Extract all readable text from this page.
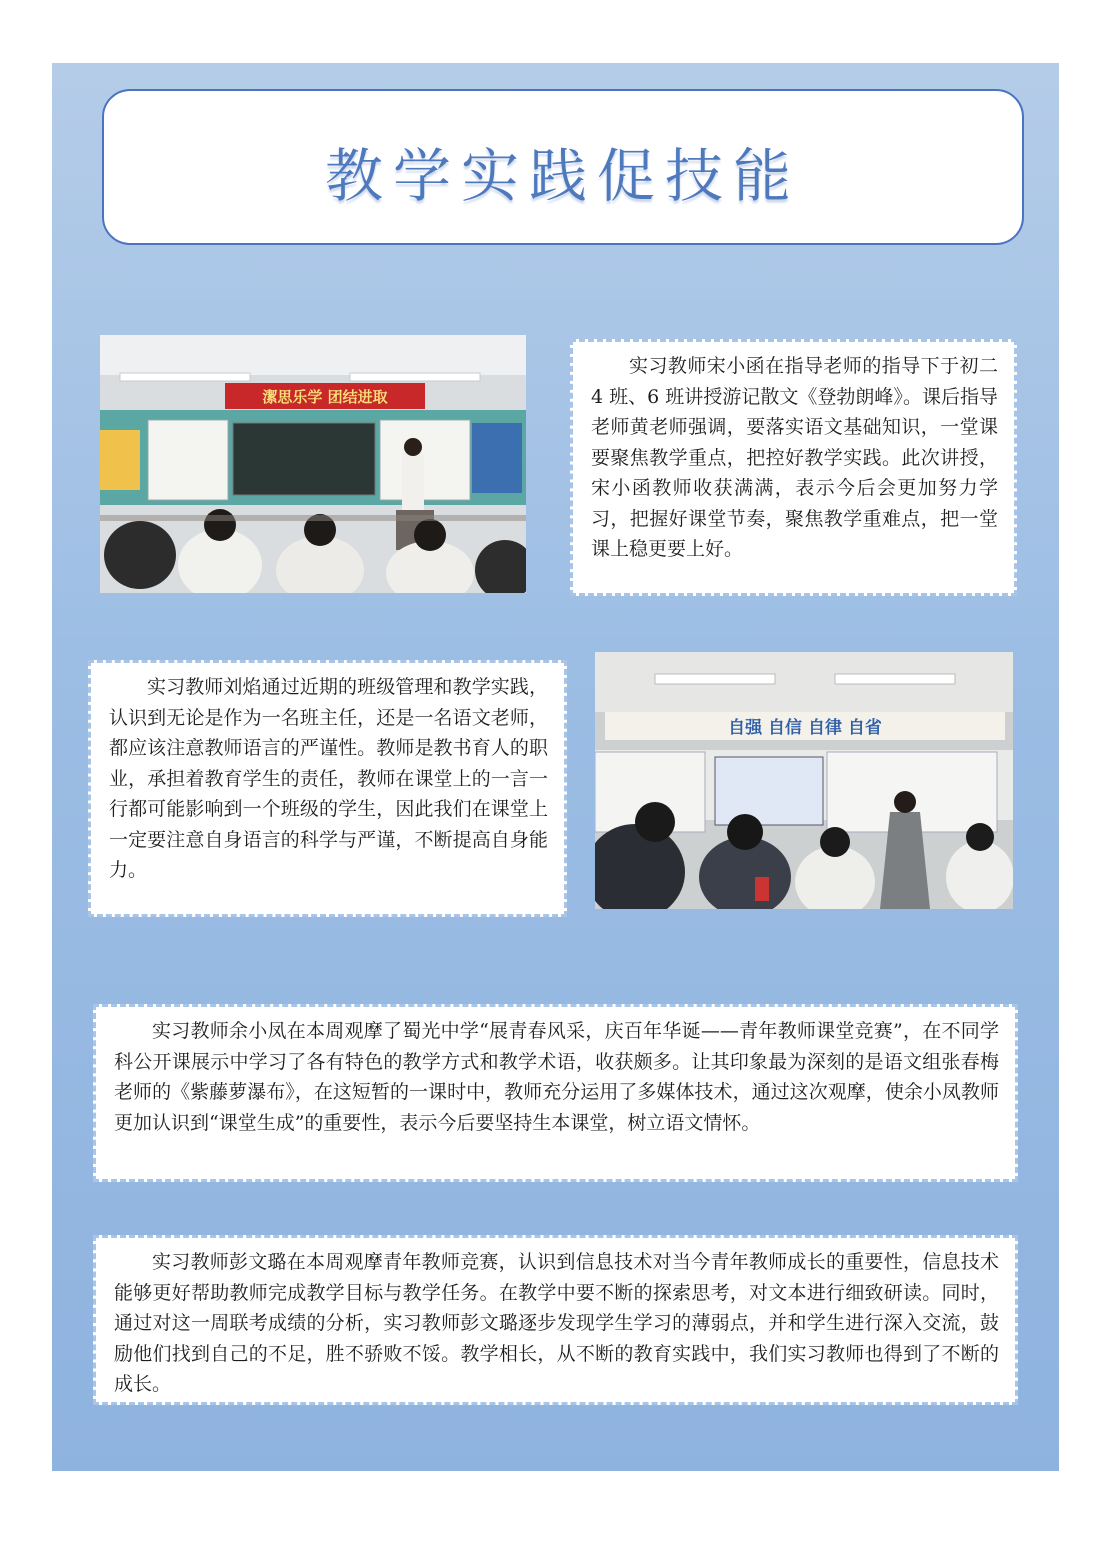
教学实践促技能
潔思乐学 团结进取

实习教师宋小函在指导老师的指导下于初二 4 班、6 班讲授游记散文《登勃朗峰》。课后指导老师黄老师强调，要落实语文基础知识，一堂课要聚焦教学重点，把控好教学实践。此次讲授，宋小函教师收获满满，表示今后会更加努力学习，把握好课堂节奏，聚焦教学重难点，把一堂课上稳更要上好。

实习教师刘焰通过近期的班级管理和教学实践，认识到无论是作为一名班主任，还是一名语文老师，都应该注意教师语言的严谨性。教师是教书育人的职业，承担着教育学生的责任，教师在课堂上的一言一行都可能影响到一个班级的学生，因此我们在课堂上一定要注意自身语言的科学与严谨，不断提高自身能力。

自强 自信 自律 自省

实习教师余小凤在本周观摩了蜀光中学“展青春风采，庆百年华诞——青年教师课堂竞赛”，在不同学科公开课展示中学习了各有特色的教学方式和教学术语，收获颇多。让其印象最为深刻的是语文组张春梅老师的《紫藤萝瀑布》，在这短暂的一课时中，教师充分运用了多媒体技术，通过这次观摩，使余小凤教师更加认识到“课堂生成”的重要性，表示今后要坚持生本课堂，树立语文情怀。

实习教师彭文璐在本周观摩青年教师竞赛，认识到信息技术对当今青年教师成长的重要性，信息技术能够更好帮助教师完成教学目标与教学任务。在教学中要不断的探索思考，对文本进行细致研读。同时，通过对这一周联考成绩的分析，实习教师彭文璐逐步发现学生学习的薄弱点，并和学生进行深入交流，鼓励他们找到自己的不足，胜不骄败不馁。教学相长，从不断的教育实践中，我们实习教师也得到了不断的成长。
